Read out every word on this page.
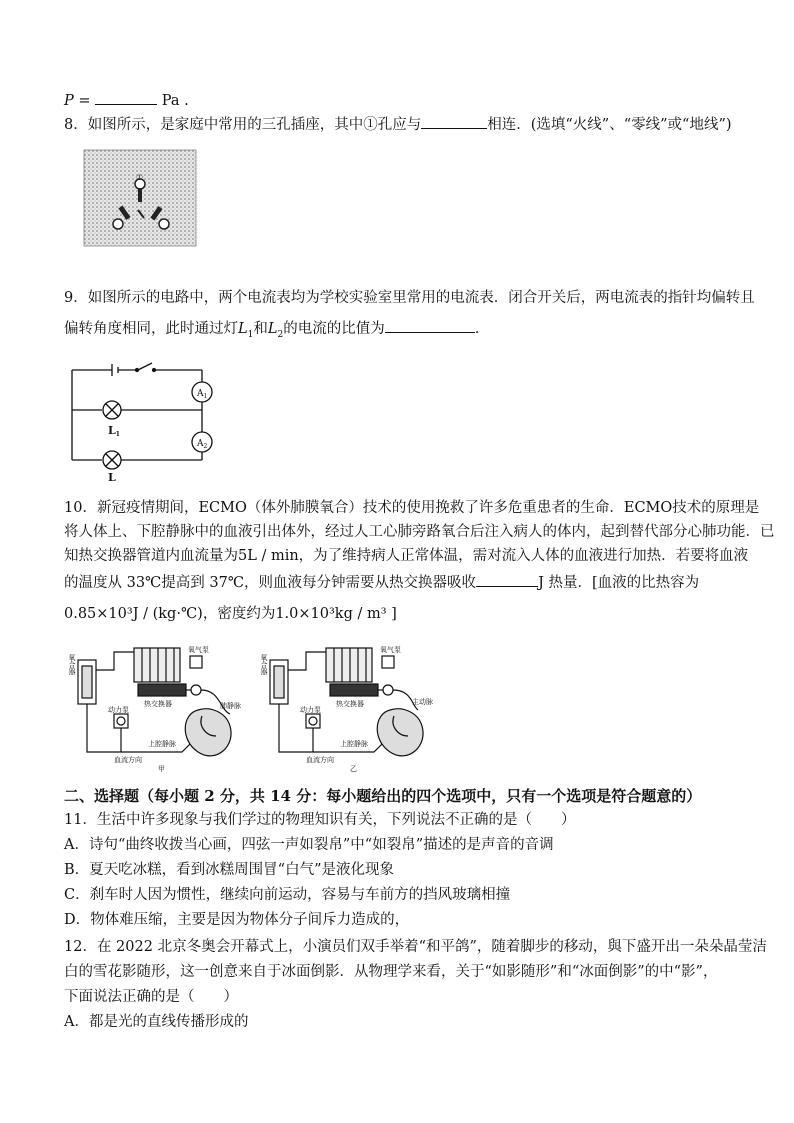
P =	Pa .
8．如图所示，是家庭中常用的三孔插座，其中①孔应与	相连．(选填“火线”、“零线”或“地线”)
①
9．如图所示的电路中，两个电流表均为学校实验室里常用的电流表．闭合开关后，两电流表的指针均偏转且
偏转角度相同，此时通过灯$L_1$和$L_2$的电流的比值为	．
$A_1$
$A_2$
L1
L
10．新冠疫情期间，ECMO（体外肺膜氧合）技术的使用挽救了许多危重患者的生命．ECMO技术的原理是
将人体上、下腔静脉中的血液引出体外，经过人工心肺旁路氧合后注入病人的体内，起到替代部分心肺功能．已
知热交换器管道内血流量为5L / min，为了维持病人正常体温，需对流入人体的血液进行加热．若要将血液
的温度从 33℃提高到 37℃，则血液每分钟需要从热交换器吸收	J 热量．[血液的比热容为
0.85×10³J / (kg·℃)，密度约为1.0×10³kg / m³ ]
氧合器
氧气泵
热交换器
动力泵
上腔静脉
血流方向
肺静脉
甲
氧合器
氧气泵
热交换器
动力泵
上腔静脉
血流方向
主动脉
乙
二、选择题（每小题 2 分，共 14 分：每小题给出的四个选项中，只有一个选项是符合题意的）
11．生活中许多现象与我们学过的物理知识有关，下列说法不正确的是（　　）
A．诗句“曲终收拨当心画，四弦一声如裂帛”中“如裂帛”描述的是声音的音调
B．夏天吃冰糕，看到冰糕周围冒“白气”是液化现象
C．刹车时人因为惯性，继续向前运动，容易与车前方的挡风玻璃相撞
D．物体难压缩，主要是因为物体分子间斥力造成的，
12．在 2022 北京冬奥会开幕式上，小演员们双手举着“和平鸽”，随着脚步的移动，與下盛开出一朵朵晶莹洁
白的雪花影随形，这一创意来自于冰面倒影．从物理学来看，关于“如影随形”和“冰面倒影”的中“影”，
下面说法正确的是（　　）
A．都是光的直线传播形成的
